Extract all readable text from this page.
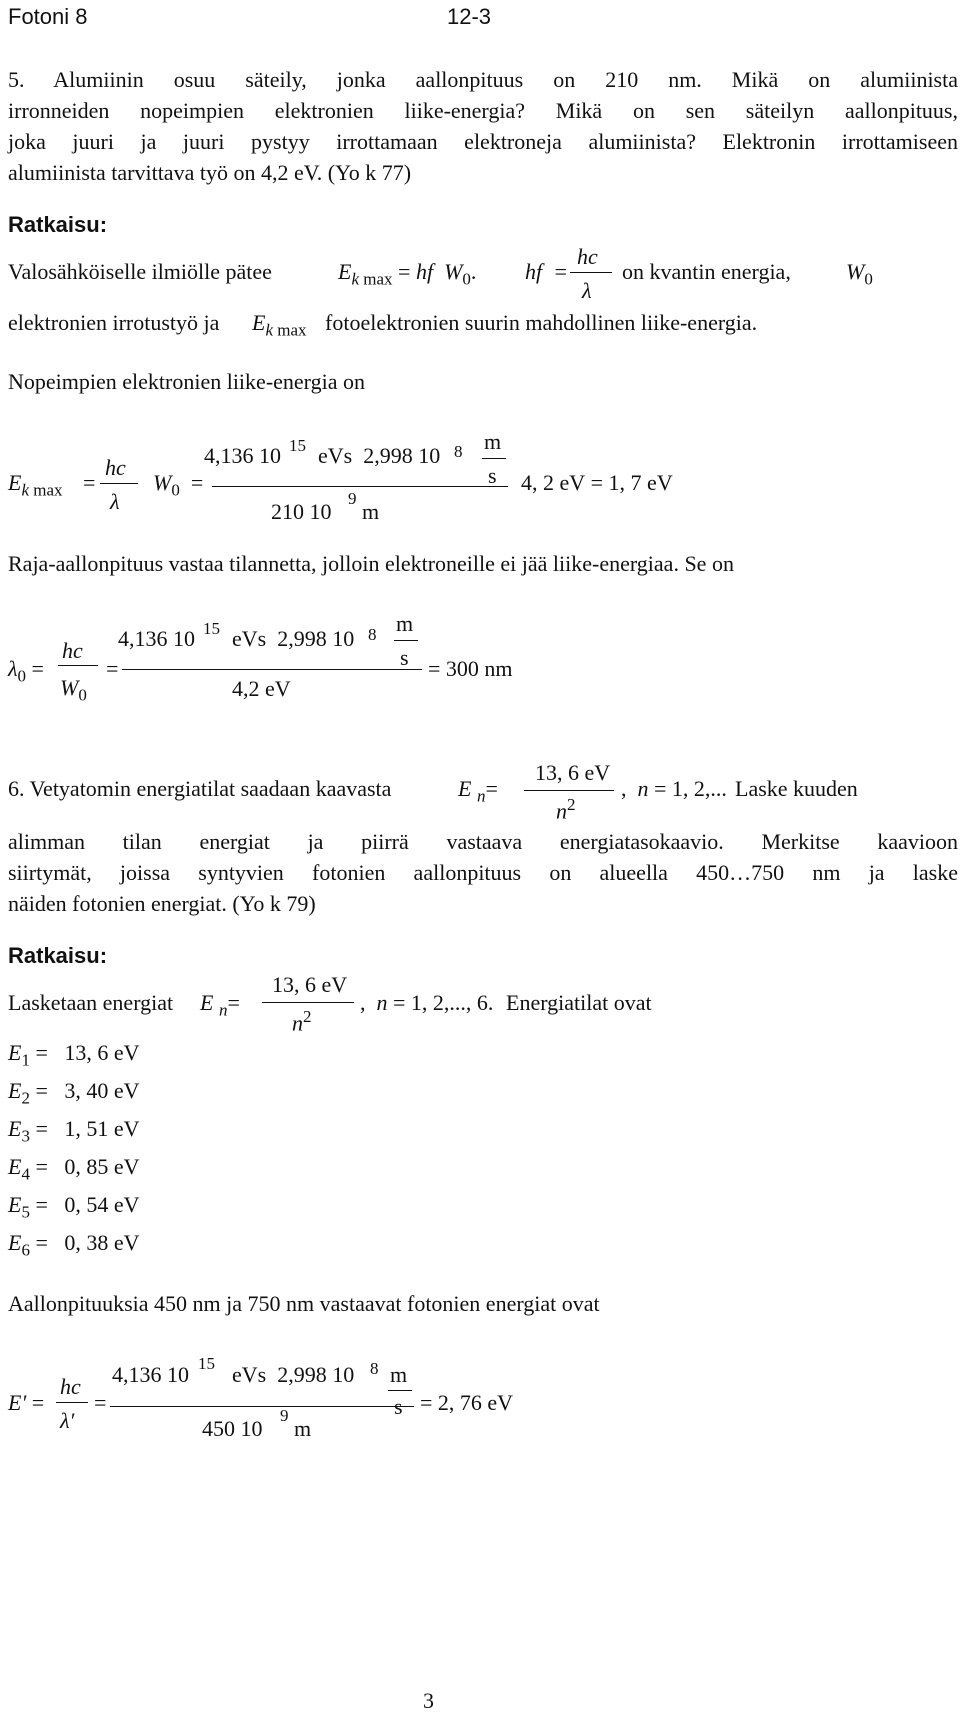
Fotoni 8	12-3
5. Alumiinin osuu säteily, jonka aallonpituus on 210 nm. Mikä on alumiinista
irronneiden nopeimpien elektronien liike-energia? Mikä on sen säteilyn aallonpituus,
joka juuri ja juuri pystyy irrottamaan elektroneja alumiinista? Elektronin irrottamiseen
alumiinista tarvittava työ on 4,2 eV. (Yo k 77)
Ratkaisu:
Valosähköiselle ilmiölle pätee	$E_k$ $_{max}$ = hf $W_0$. hf  =
hc
λ
on kvantin energia,	$W_0$
elektronien irrotustyö ja $E_k$ $_{max}$ fotoelektronien suurin mahdollinen liike-energia.
Nopeimpien elektronien liike-energia on
$E_k$ $_{max}$ =
hc
λ
$W_0$  =
4,136 10 15 eVs  2,998 10 8 m
s
210 10
9
m
4, 2 eV = 1, 7 eV
Raja-aallonpituus vastaa tilannetta, jolloin elektroneille ei jää liike-energiaa. Se on
$\lambda_0$ =
hc
$W_0$
=
4,136 10 15 eVs  2,998 10 8 m
s
4,2 eV
= 300 nm
6. Vetyatomin energiatilat saadaan kaavasta	E $_n$=
13, 6 eV
$n^2$
,  n = 1, 2,... Laske kuuden
alimman tilan energiat ja piirrä vastaava energiatasokaavio. Merkitse kaavioon
siirtymät, joissa syntyvien fotonien aallonpituus on alueella 450…750 nm ja laske
näiden fotonien energiat. (Yo k 79)
Ratkaisu:
Lasketaan energiat E $_n$=
13, 6 eV
$n^2$
,  n = 1, 2,..., 6. Energiatilat ovat
$E_1 = 13$, 6 eV
$E_2 = 3$, 40 eV
$E_3 = 1$, 51 eV
$E_4 = 0$, 85 eV
$E_5 = 0$, 54 eV
$E_6 = 0$, 38 eV
Aallonpituuksia 450 nm ja 750 nm vastaavat fotonien energiat ovat
E′ =
hc
λ′
=
4,136 10 15 eVs  2,998 10 8 m
s
450 10
9
m
= 2, 76 eV
3
